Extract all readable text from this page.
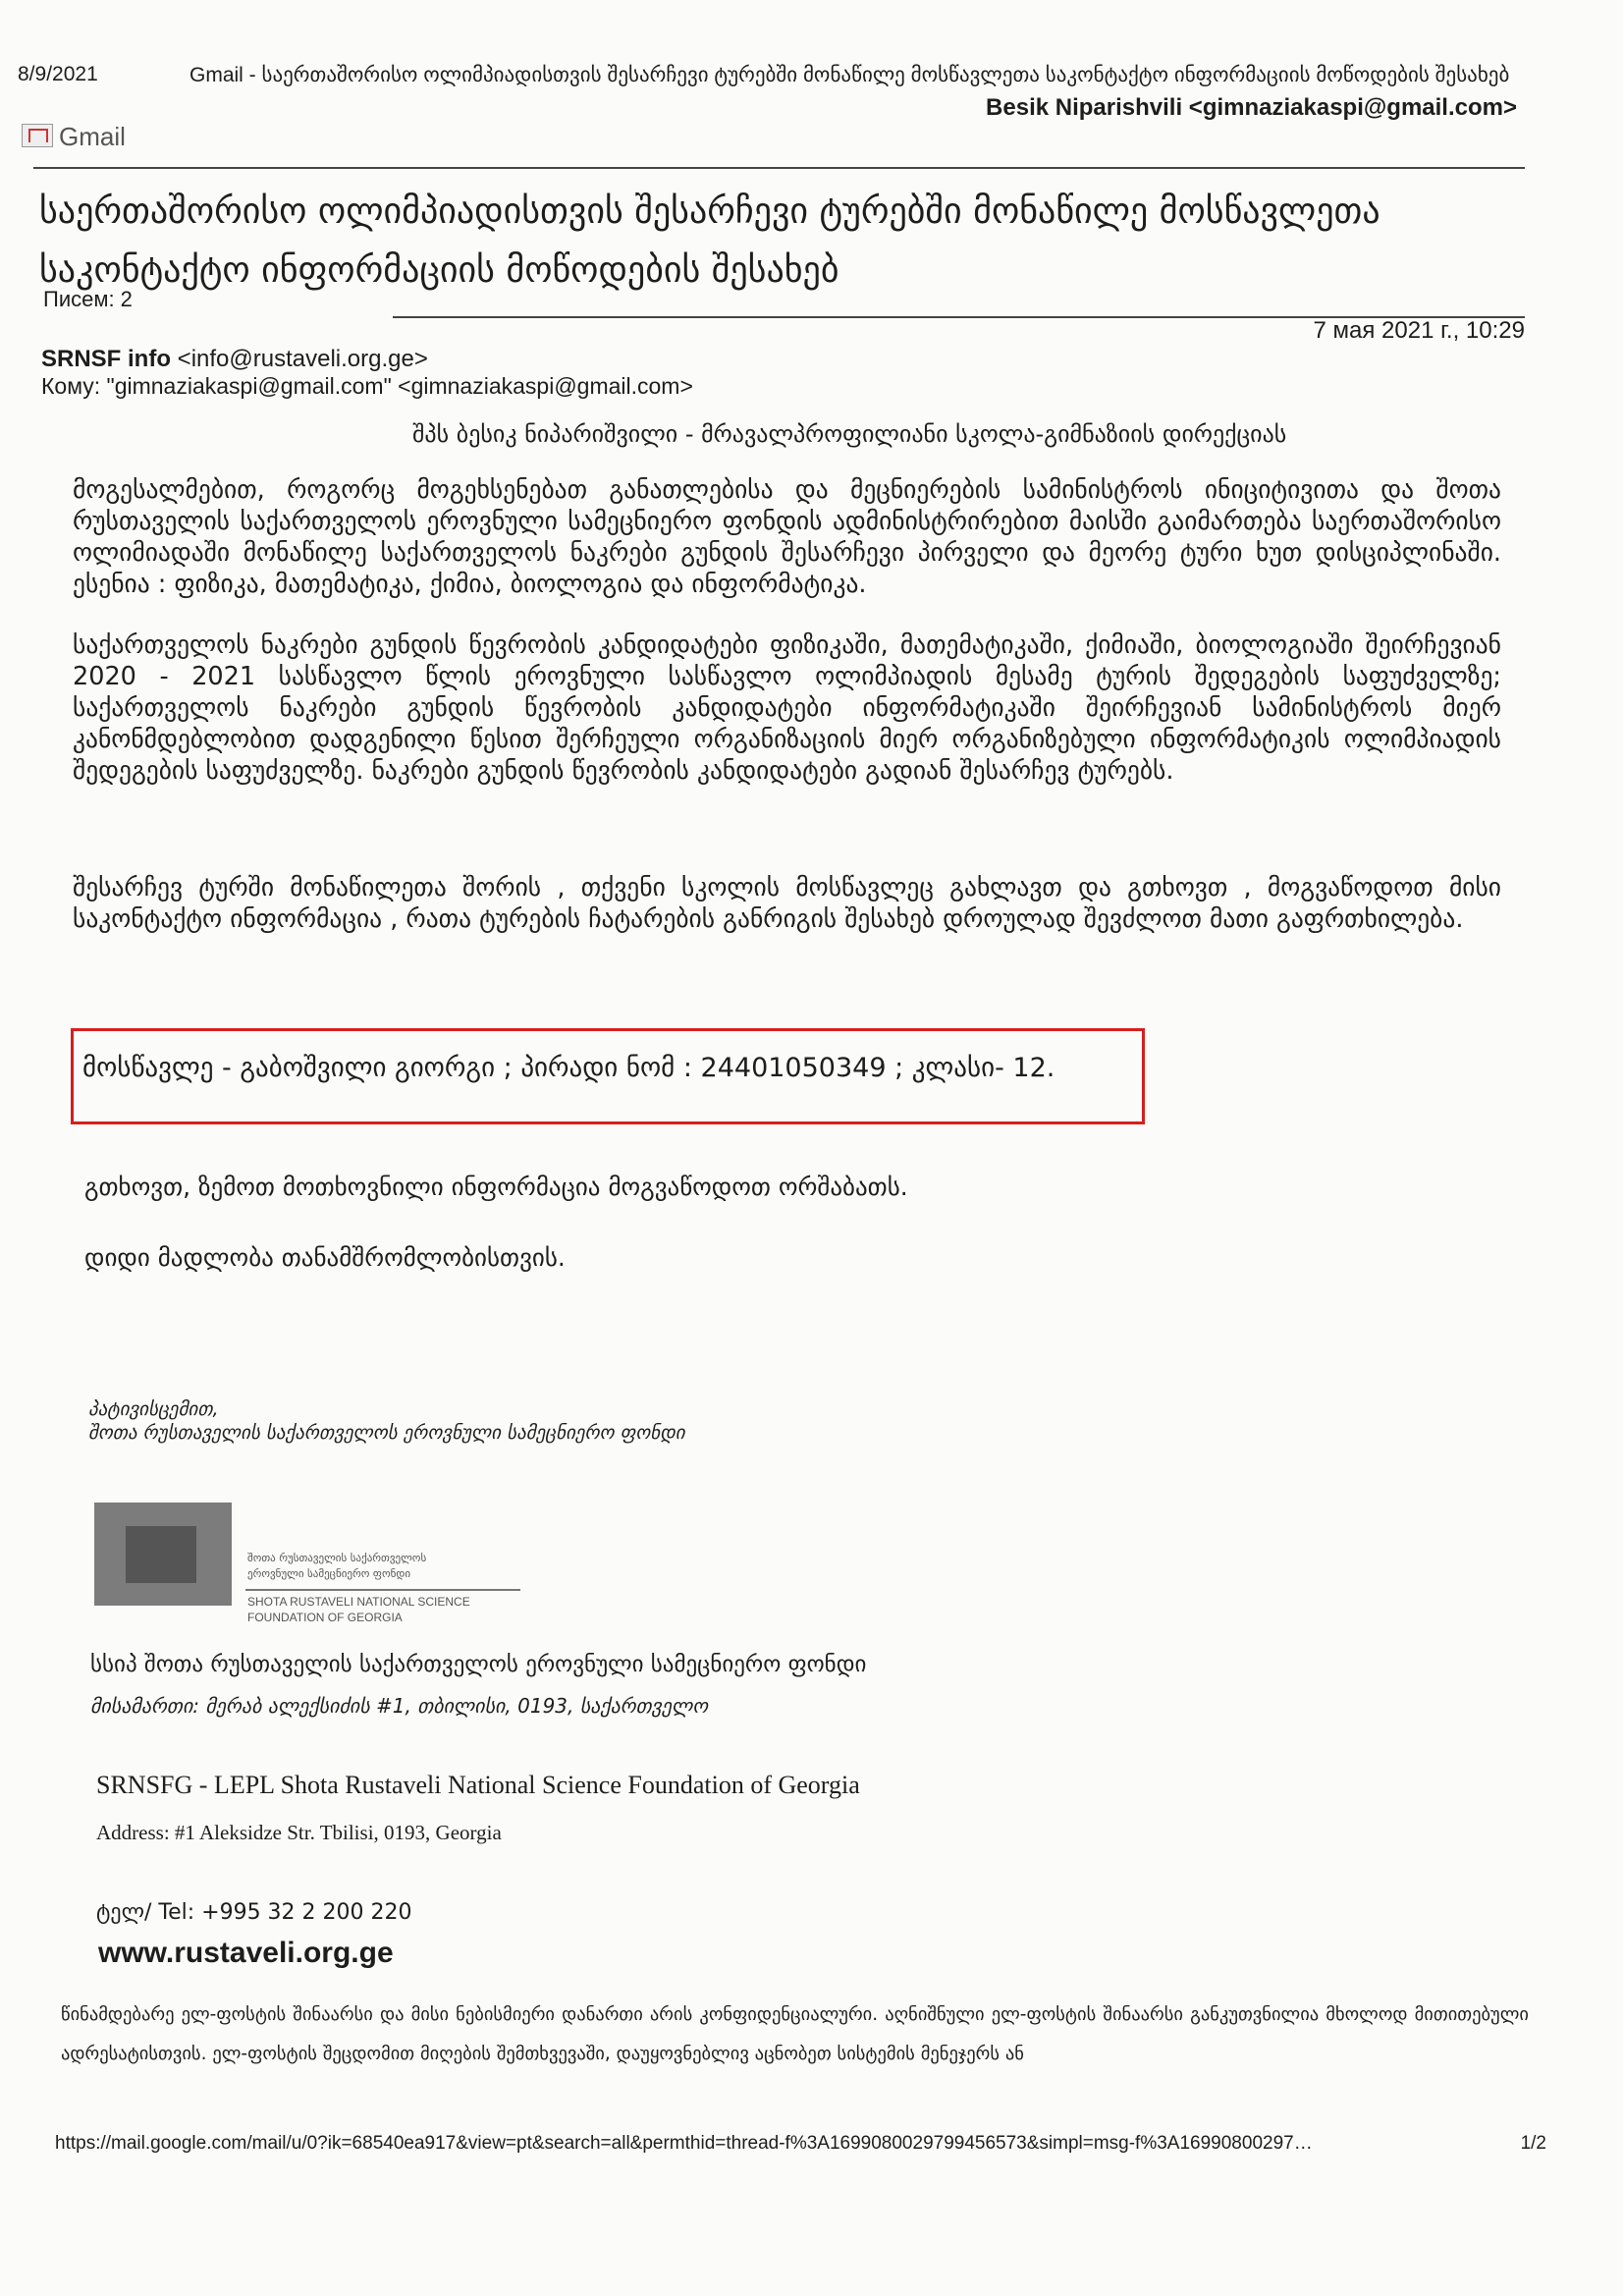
8/9/2021	Gmail - საერთაშორისო ოლიმპიადისთვის შესარჩევი ტურებში მონაწილე მოსწავლეთა საკონტაქტო ინფორმაციის მოწოდების შესახებ
Besik Niparishvili <gimnaziakaspi@gmail.com>
Gmail
საერთაშორისო ოლიმპიადისთვის შესარჩევი ტურებში მონაწილე მოსწავლეთა
საკონტაქტო ინფორმაციის მოწოდების შესახებ
Писем: 2
SRNSF info <info@rustaveli.org.ge>
7 мая 2021 г., 10:29
Кому: "gimnaziakaspi@gmail.com" <gimnaziakaspi@gmail.com>
შპს ბესიკ ნიპარიშვილი - მრავალპროფილიანი სკოლა-გიმნაზიის დირექციას
მოგესალმებით, როგორც მოგეხსენებათ განათლებისა და მეცნიერების სამინისტროს ინიციტივითა და შოთა რუსთაველის საქართველოს ეროვნული სამეცნიერო ფონდის ადმინისტრირებით მაისში გაიმართება საერთაშორისო ოლიმიადაში მონაწილე საქართველოს ნაკრები გუნდის შესარჩევი პირველი და მეორე ტური ხუთ დისციპლინაში. ესენია : ფიზიკა, მათემატიკა, ქიმია, ბიოლოგია და ინფორმატიკა.
საქართველოს ნაკრები გუნდის წევრობის კანდიდატები ფიზიკაში, მათემატიკაში, ქიმიაში, ბიოლოგიაში შეირჩევიან 2020 - 2021 სასწავლო წლის ეროვნული სასწავლო ოლიმპიადის მესამე ტურის შედეგების საფუძველზე; საქართველოს ნაკრები გუნდის წევრობის კანდიდატები ინფორმატიკაში შეირჩევიან სამინისტროს მიერ კანონმდებლობით დადგენილი წესით შერჩეული ორგანიზაციის მიერ ორგანიზებული ინფორმატიკის ოლიმპიადის შედეგების საფუძველზე. ნაკრები გუნდის წევრობის კანდიდატები გადიან შესარჩევ ტურებს.
შესარჩევ ტურში მონაწილეთა შორის , თქვენი სკოლის მოსწავლეც გახლავთ და გთხოვთ , მოგვაწოდოთ მისი საკონტაქტო ინფორმაცია , რათა ტურების ჩატარების განრიგის შესახებ დროულად შევძლოთ მათი გაფრთხილება.
მოსწავლე - გაბოშვილი გიორგი ; პირადი ნომ : 24401050349 ; კლასი- 12.
გთხოვთ, ზემოთ მოთხოვნილი ინფორმაცია მოგვაწოდოთ ორშაბათს.
დიდი მადლობა თანამშრომლობისთვის.
პატივისცემით,
შოთა რუსთაველის საქართველოს ეროვნული სამეცნიერო ფონდი
შოთა რუსთაველის საქართველოს
ეროვნული სამეცნიერო ფონდი
SHOTA RUSTAVELI NATIONAL SCIENCE
FOUNDATION OF GEORGIA
სსიპ შოთა რუსთაველის საქართველოს ეროვნული სამეცნიერო ფონდი
მისამართი: მერაბ ალექსიძის #1, თბილისი, 0193, საქართველო
SRNSFG - LEPL Shota Rustaveli National Science Foundation of Georgia
Address: #1 Aleksidze Str. Tbilisi, 0193, Georgia
ტელ/ Tel: +995 32 2 200 220
www.rustaveli.org.ge
წინამდებარე ელ-ფოსტის შინაარსი და მისი ნებისმიერი დანართი არის კონფიდენციალური. აღნიშნული ელ-ფოსტის შინაარსი განკუთვნილია მხოლოდ მითითებული ადრესატისთვის. ელ-ფოსტის შეცდომით მიღების შემთხვევაში, დაუყოვნებლივ აცნობეთ სისტემის მენეჯერს ან
https://mail.google.com/mail/u/0?ik=68540ea917&view=pt&search=all&permthid=thread-f%3A1699080029799456573&simpl=msg-f%3A16990800297…	1/2
